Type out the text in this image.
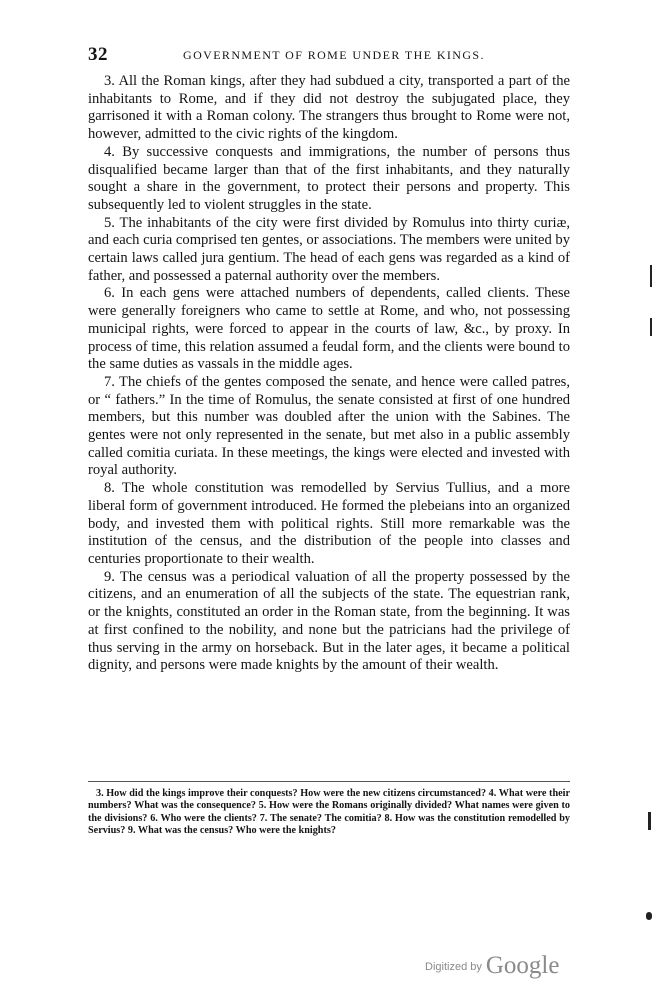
32	GOVERNMENT OF ROME UNDER THE KINGS.

3. All the Roman kings, after they had subdued a city, transported a part of the inhabitants to Rome, and if they did not destroy the subjugated place, they garrisoned it with a Roman colony. The strangers thus brought to Rome were not, however, admitted to the civic rights of the kingdom.

4. By successive conquests and immigrations, the number of persons thus disqualified became larger than that of the first inhabitants, and they naturally sought a share in the government, to protect their persons and property. This subsequently led to violent struggles in the state.

5. The inhabitants of the city were first divided by Romulus into thirty curiæ, and each curia comprised ten gentes, or associations. The members were united by certain laws called jura gentium. The head of each gens was regarded as a kind of father, and possessed a paternal authority over the members.

6. In each gens were attached numbers of dependents, called clients. These were generally foreigners who came to settle at Rome, and who, not possessing municipal rights, were forced to appear in the courts of law, &c., by proxy. In process of time, this relation assumed a feudal form, and the clients were bound to the same duties as vassals in the middle ages.

7. The chiefs of the gentes composed the senate, and hence were called patres, or “ fathers.” In the time of Romulus, the senate consisted at first of one hundred members, but this number was doubled after the union with the Sabines. The gentes were not only represented in the senate, but met also in a public assembly called comitia curiata. In these meetings, the kings were elected and invested with royal authority.

8. The whole constitution was remodelled by Servius Tullius, and a more liberal form of government introduced. He formed the plebeians into an organized body, and invested them with political rights. Still more remarkable was the institution of the census, and the distribution of the people into classes and centuries proportionate to their wealth.

9. The census was a periodical valuation of all the property possessed by the citizens, and an enumeration of all the subjects of the state. The equestrian rank, or the knights, constituted an order in the Roman state, from the beginning. It was at first confined to the nobility, and none but the patricians had the privilege of thus serving in the army on horseback. But in the later ages, it became a political dignity, and persons were made knights by the amount of their wealth.

3. How did the kings improve their conquests? How were the new citizens circumstanced? 4. What were their numbers? What was the consequence? 5. How were the Romans originally divided? What names were given to the divisions? 6. Who were the clients? 7. The senate? The comitia? 8. How was the constitution remodelled by Servius? 9. What was the census? Who were the knights?

Digitized by Google
